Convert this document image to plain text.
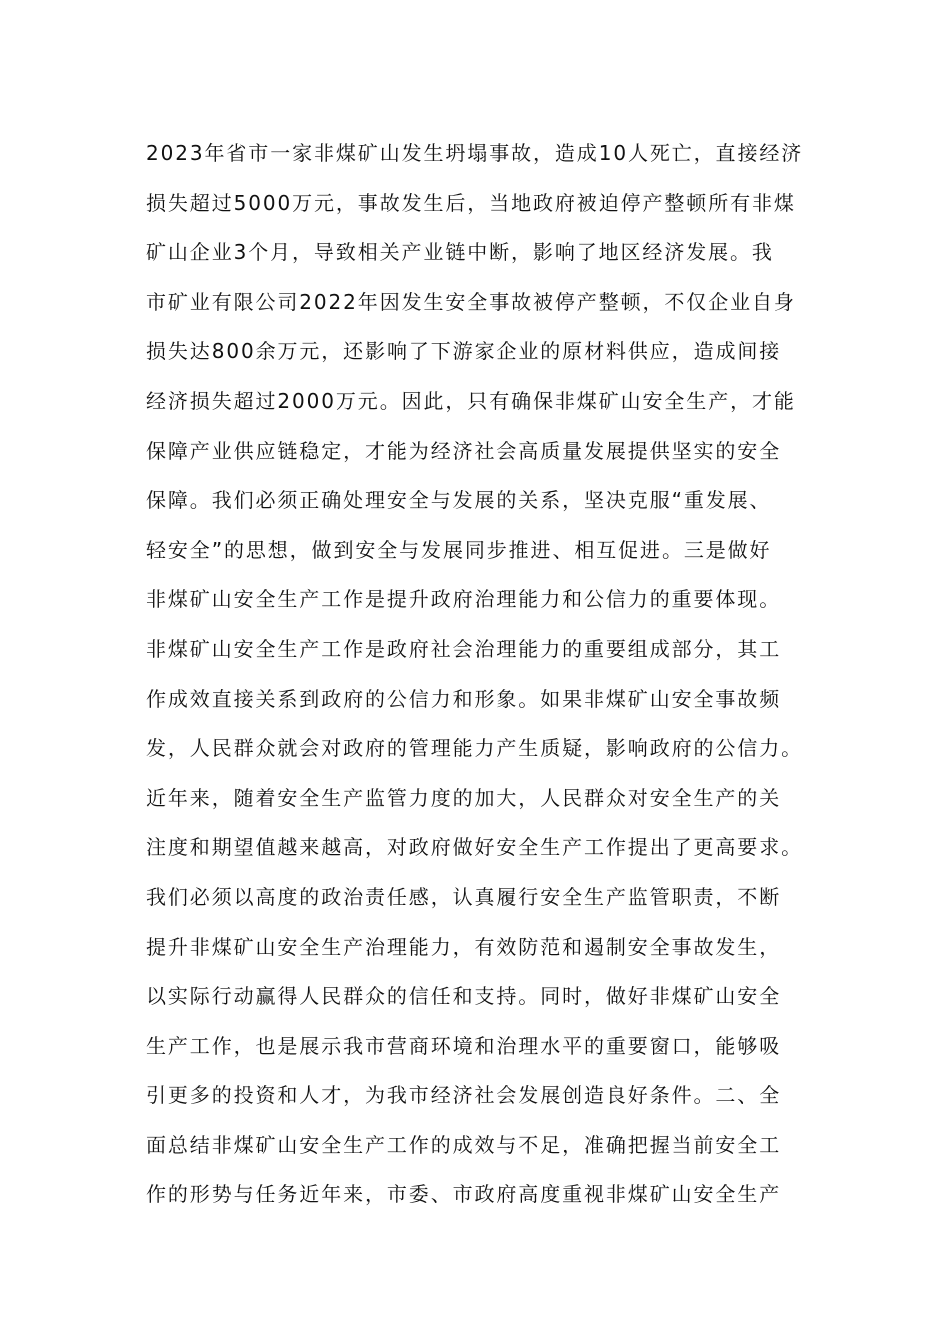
2023年省市一家非煤矿山发生坍塌事故，造成10人死亡，直接经济
损失超过5000万元，事故发生后，当地政府被迫停产整顿所有非煤
矿山企业3个月，导致相关产业链中断，影响了地区经济发展。我
市矿业有限公司2022年因发生安全事故被停产整顿，不仅企业自身
损失达800余万元，还影响了下游家企业的原材料供应，造成间接
经济损失超过2000万元。因此，只有确保非煤矿山安全生产，才能
保障产业供应链稳定，才能为经济社会高质量发展提供坚实的安全
保障。我们必须正确处理安全与发展的关系，坚决克服“重发展、
轻安全”的思想，做到安全与发展同步推进、相互促进。三是做好
非煤矿山安全生产工作是提升政府治理能力和公信力的重要体现。
非煤矿山安全生产工作是政府社会治理能力的重要组成部分，其工
作成效直接关系到政府的公信力和形象。如果非煤矿山安全事故频
发，人民群众就会对政府的管理能力产生质疑，影响政府的公信力。
近年来，随着安全生产监管力度的加大，人民群众对安全生产的关
注度和期望值越来越高，对政府做好安全生产工作提出了更高要求。
我们必须以高度的政治责任感，认真履行安全生产监管职责，不断
提升非煤矿山安全生产治理能力，有效防范和遏制安全事故发生，
以实际行动赢得人民群众的信任和支持。同时，做好非煤矿山安全
生产工作，也是展示我市营商环境和治理水平的重要窗口，能够吸
引更多的投资和人才，为我市经济社会发展创造良好条件。二、全
面总结非煤矿山安全生产工作的成效与不足，准确把握当前安全工
作的形势与任务近年来，市委、市政府高度重视非煤矿山安全生产
